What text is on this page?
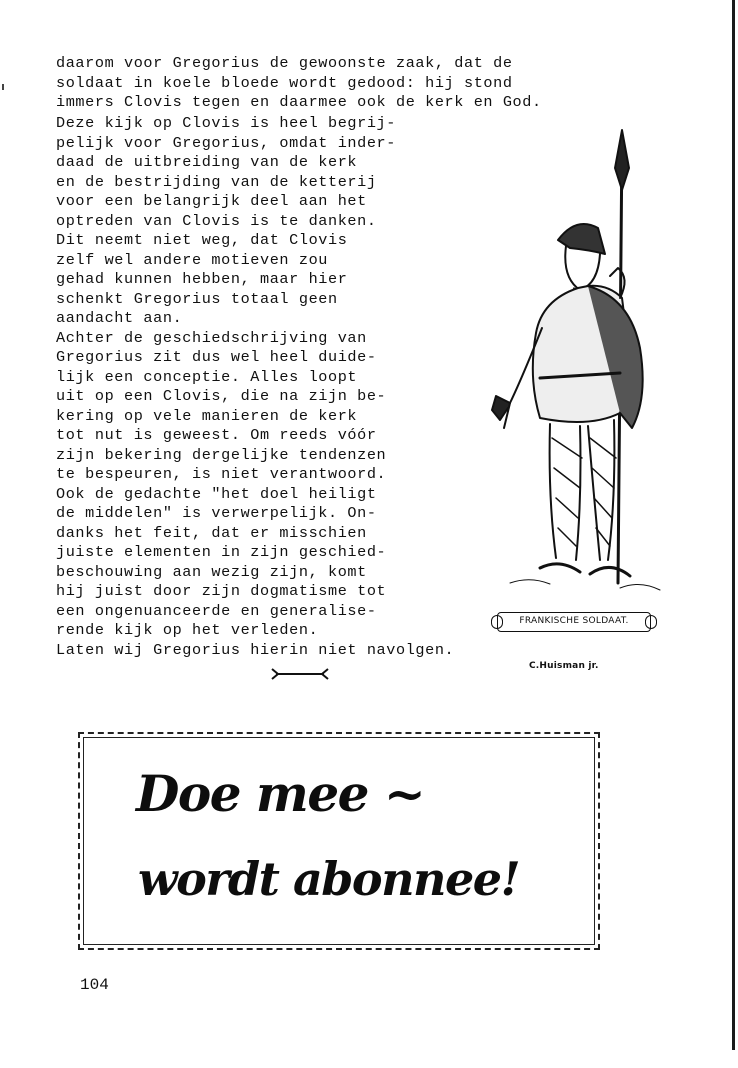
daarom voor Gregorius de gewoonste zaak, dat de

soldaat in koele bloede wordt gedood: hij stond

immers Clovis tegen en daarmee ook de kerk en God.

Deze kijk op Clovis is heel begrij-

pelijk voor Gregorius, omdat inder-

daad de uitbreiding van de kerk

en de bestrijding van de ketterij

voor een belangrijk deel aan het

optreden van Clovis is te danken.

Dit neemt niet weg, dat Clovis

zelf wel andere motieven zou

gehad kunnen hebben, maar hier

schenkt Gregorius totaal geen

aandacht aan.

Achter de geschiedschrijving van

Gregorius zit dus wel heel duide-

lijk een conceptie. Alles loopt

uit op een Clovis, die na zijn be-

kering op vele manieren de kerk

tot nut is geweest. Om reeds vóór

zijn bekering dergelijke tendenzen

te bespeuren, is niet verantwoord.

Ook de gedachte "het doel heiligt

de middelen" is verwerpelijk. On-

danks het feit, dat er misschien

juiste elementen in zijn geschied-

beschouwing aan wezig zijn, komt

hij juist door zijn dogmatisme tot

een ongenuanceerde en generalise-

rende kijk op het verleden.

Laten wij Gregorius hierin niet navolgen.

FRANKISCHE SOLDAAT.
C.Huisman jr.

Doe mee ~

wordt abonnee!

104
